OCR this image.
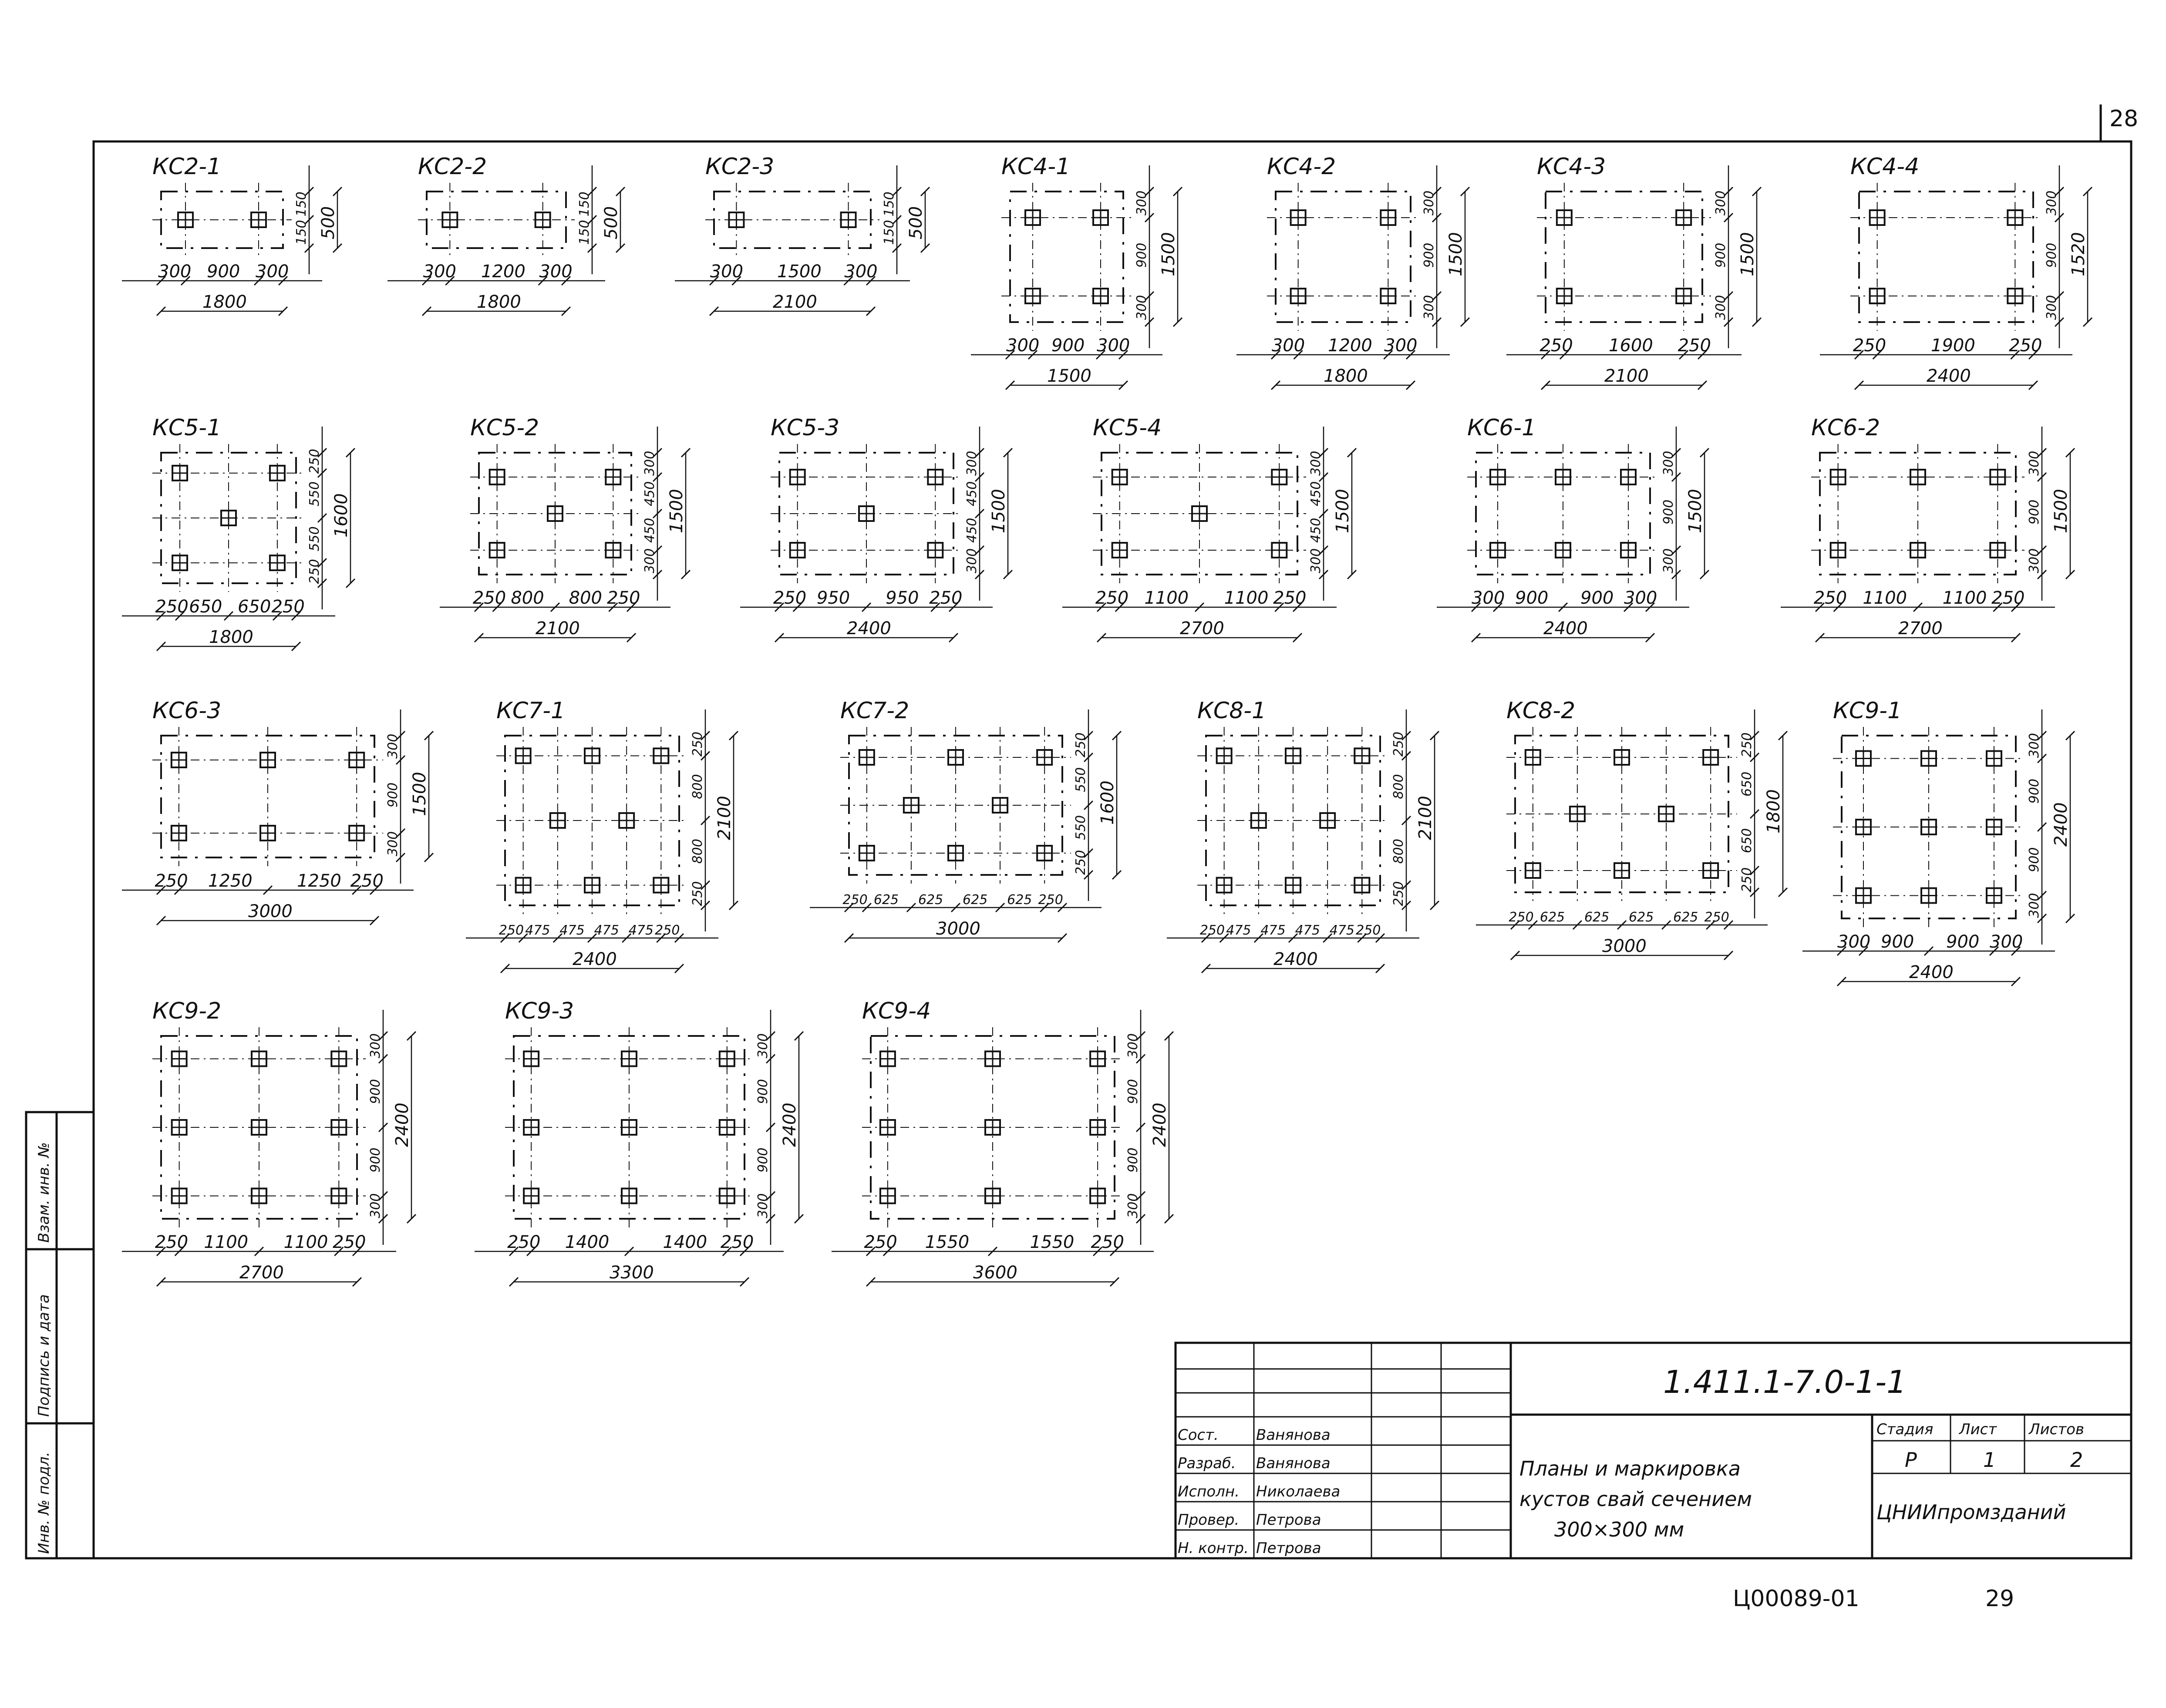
28
Инв. № подл.
Подпись и дата
Взам. инв. №
КС2-1
300 900 300
1800
150
150 500
КС2-2
300 1200 300
1800
150
150 500
КС2-3
300 1500 300
2100
150
150 500
КС4-1
300 900 300
1500
300
900
300
1500
КС4-2
300 1200 300
1800
300
900
300
1500
КС4-3
250 1600 250
2100
300
900
300
1500
КС4-4
250	1900 250
2400
300
900
300
1520
КС5-1
250 650 650 250
1800
250
550
550
250
1600
КС5-2
250 800 800 250
2100
300
450
450
300
1500
КС5-3
250 950 950 250
2400
300
450
450
300
1500
КС5-4
250 1100 1100 250
2700
300
450
450
300
1500
КС6-1
300 900 900 300
2400
300
900
300
1500
КС6-2
250 1100 1100 250
2700
300
900
300
1500
КС6-3
250 1250	1250 250
3000
300
900
300
1500
КС7-1
250 475 475 475 475 250
2400
250
800
800
250
2100
КС7-2
250 625 625 625 625 250
3000
250
550
550
250
1600
КС8-1
250 475 475 475 475 250
2400
250
800
800
250
2100
КС8-2
250 625 625 625 625 250
3000
250
650
650
250
1800
КС9-1
300 900 900 300
2400
300
900
900
300
2400
КС9-2
250 1100 1100 250
2700
300
900
900
300
2400
КС9-3
250 1400	1400 250
3300
300
900
900
300
2400
КС9-4
250 1550	1550 250
3600
300
900
900
300
2400
1.411.1-7.0-1-1
Планы и маркировка
кустов свай сечением
300×300 мм
Стадия Лист Листов
Р	1	2
ЦНИИпромзданий
Сост.	Ванянова
Разраб. Ванянова
Исполн. Николаева
Провер. Петрова
Н. контр. Петрова
Ц00089-01	29
